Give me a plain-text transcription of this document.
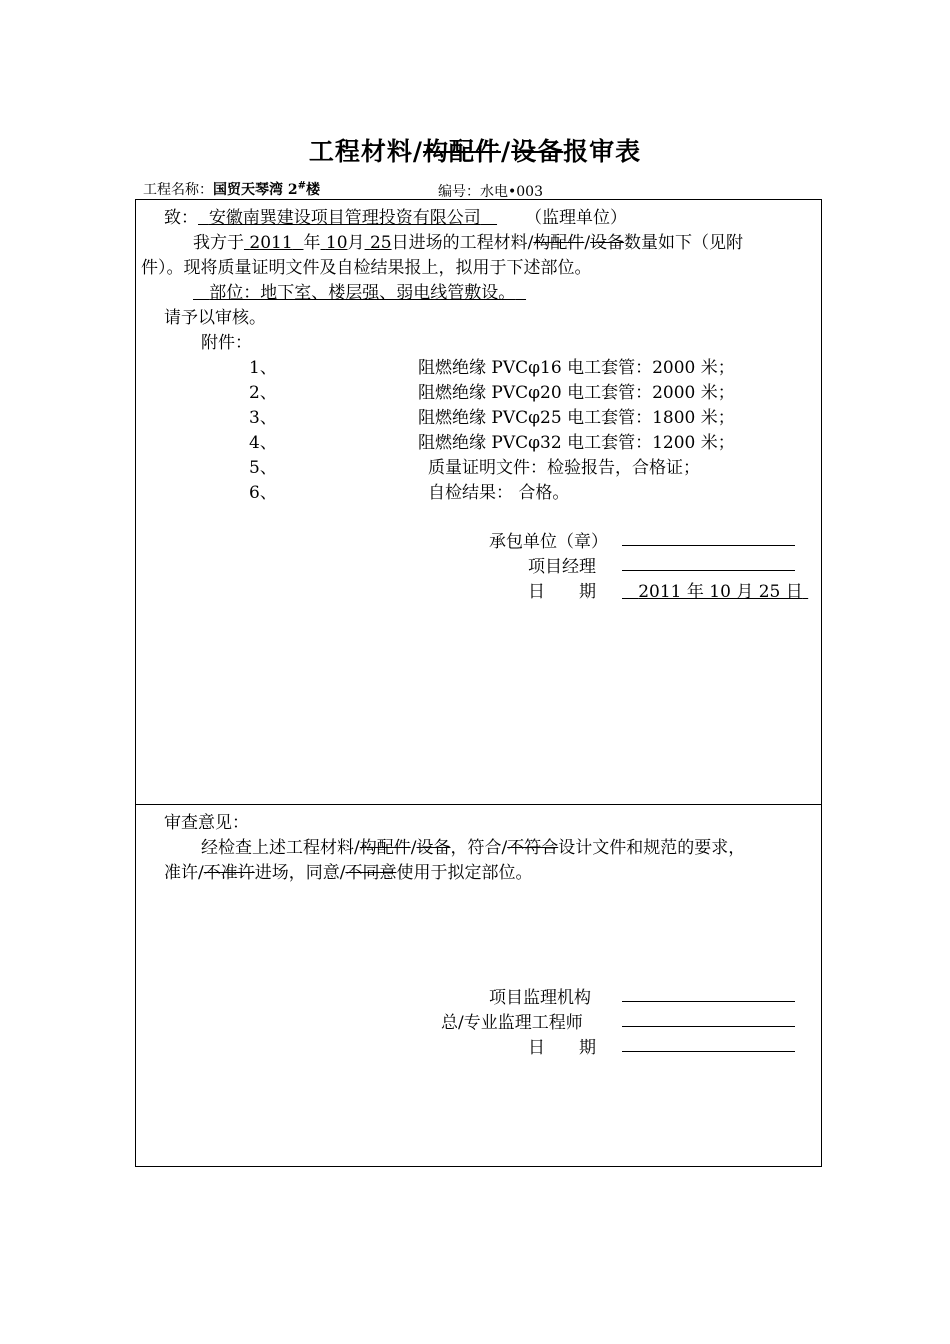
工程材料/构配件/设备报审表
工程名称：国贸天琴湾 2#楼	编号：水电•003
致： 安徽南巽建设项目管理投资有限公司	（监理单位）
我方于 2011 年 10月 25日进场的工程材料/构配件/设备数量如下（见附
件）。现将质量证明文件及自检结果报上，拟用于下述部位。
部位：地下室、楼层强、弱电线管敷设。
请予以审核。
附件：
1、	阻燃绝缘 PVCφ16 电工套管：2000 米；
2、	阻燃绝缘 PVCφ20 电工套管：2000 米；
3、	阻燃绝缘 PVCφ25 电工套管：1800 米；
4、	阻燃绝缘 PVCφ32 电工套管：1200 米；
5、	质量证明文件：检验报告，合格证；
6、	自检结果： 合格。
承包单位（章）
项目经理
日　　期	2011 年 10 月 25 日
审查意见：
经检查上述工程材料/构配件/设备，符合/不符合设计文件和规范的要求，
准许/不准许进场，同意/不同意使用于拟定部位。
项目监理机构
总/专业监理工程师
日　　期
